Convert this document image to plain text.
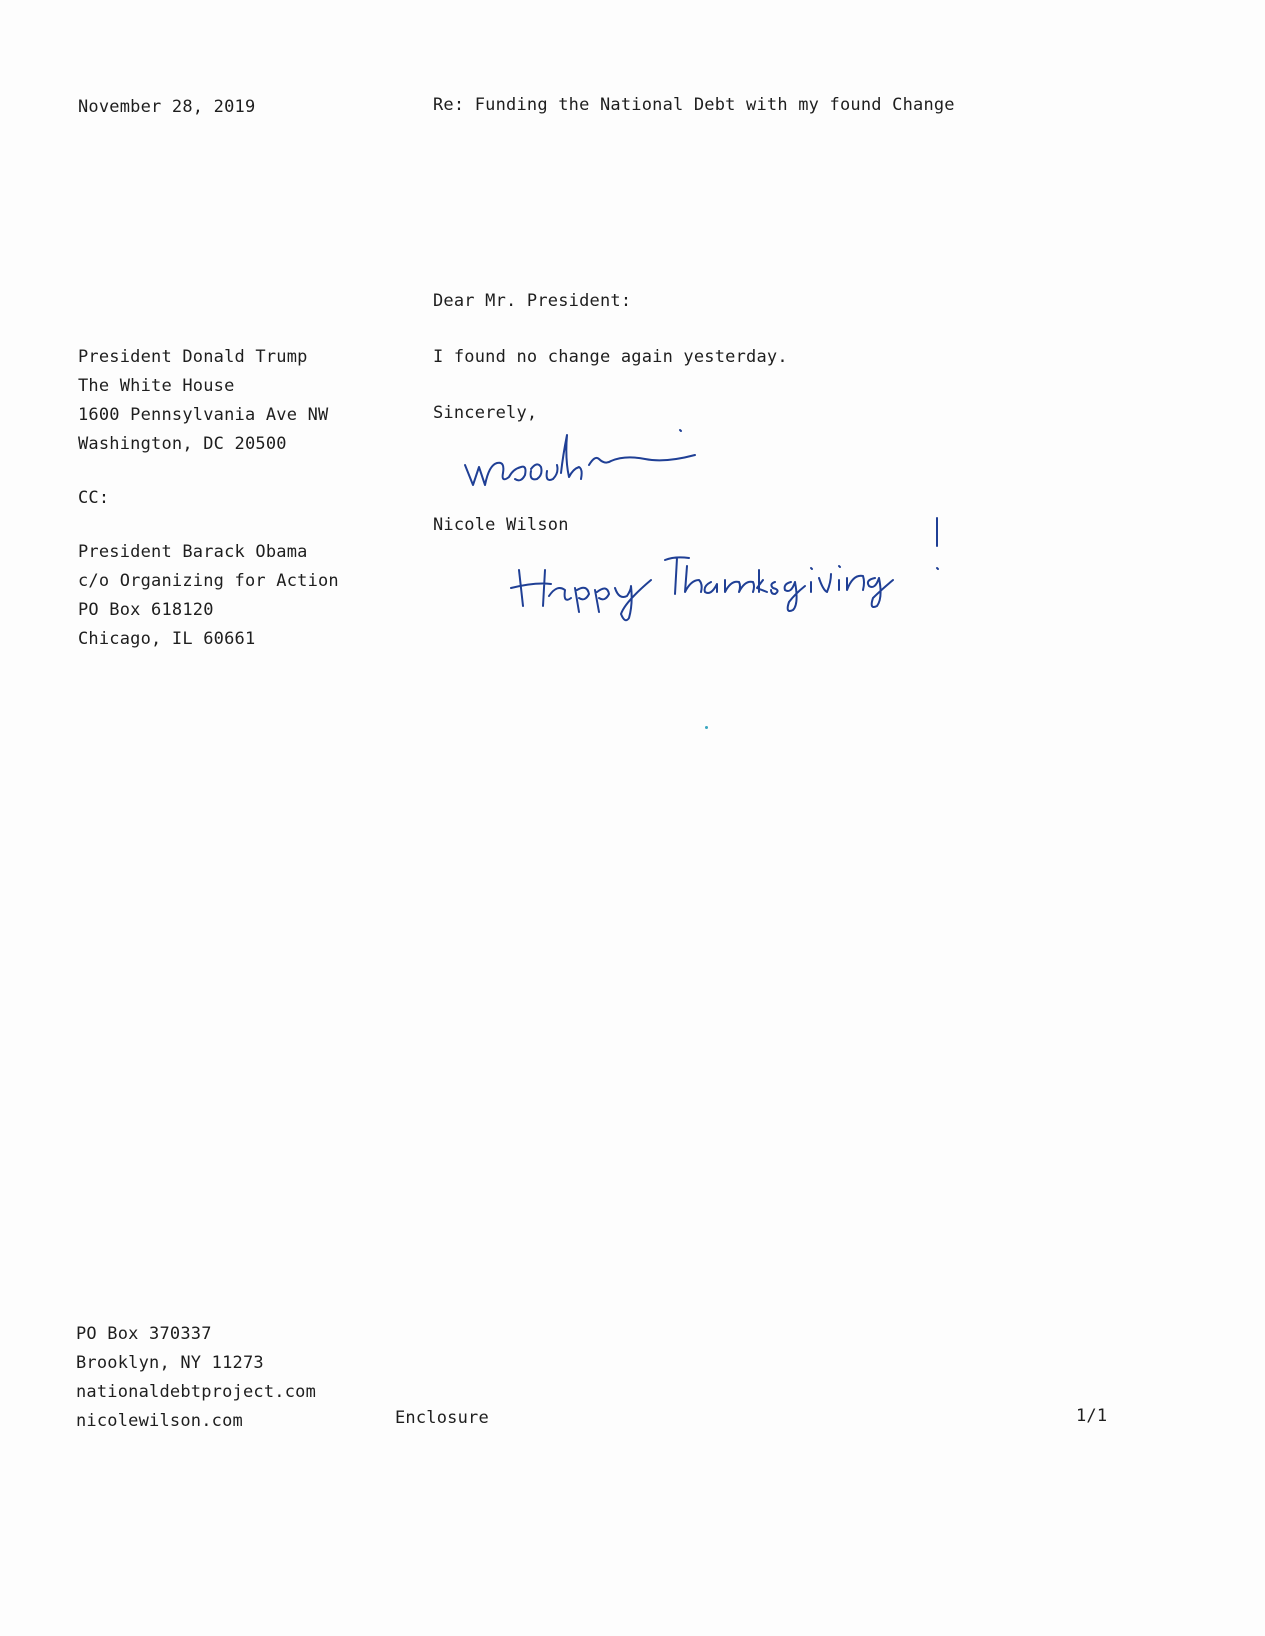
November 28, 2019	Re: Funding the National Debt with my found Change
Dear Mr. President:
President Donald Trump
The White House
1600 Pennsylvania Ave NW
Washington, DC 20500
I found no change again yesterday.
Sincerely,
Nicole Wilson
CC:
President Barack Obama
c/o Organizing for Action
PO Box 618120
Chicago, IL 60661
PO Box 370337
Brooklyn, NY 11273
nationaldebtproject.com
nicolewilson.com	Enclosure	1/1
